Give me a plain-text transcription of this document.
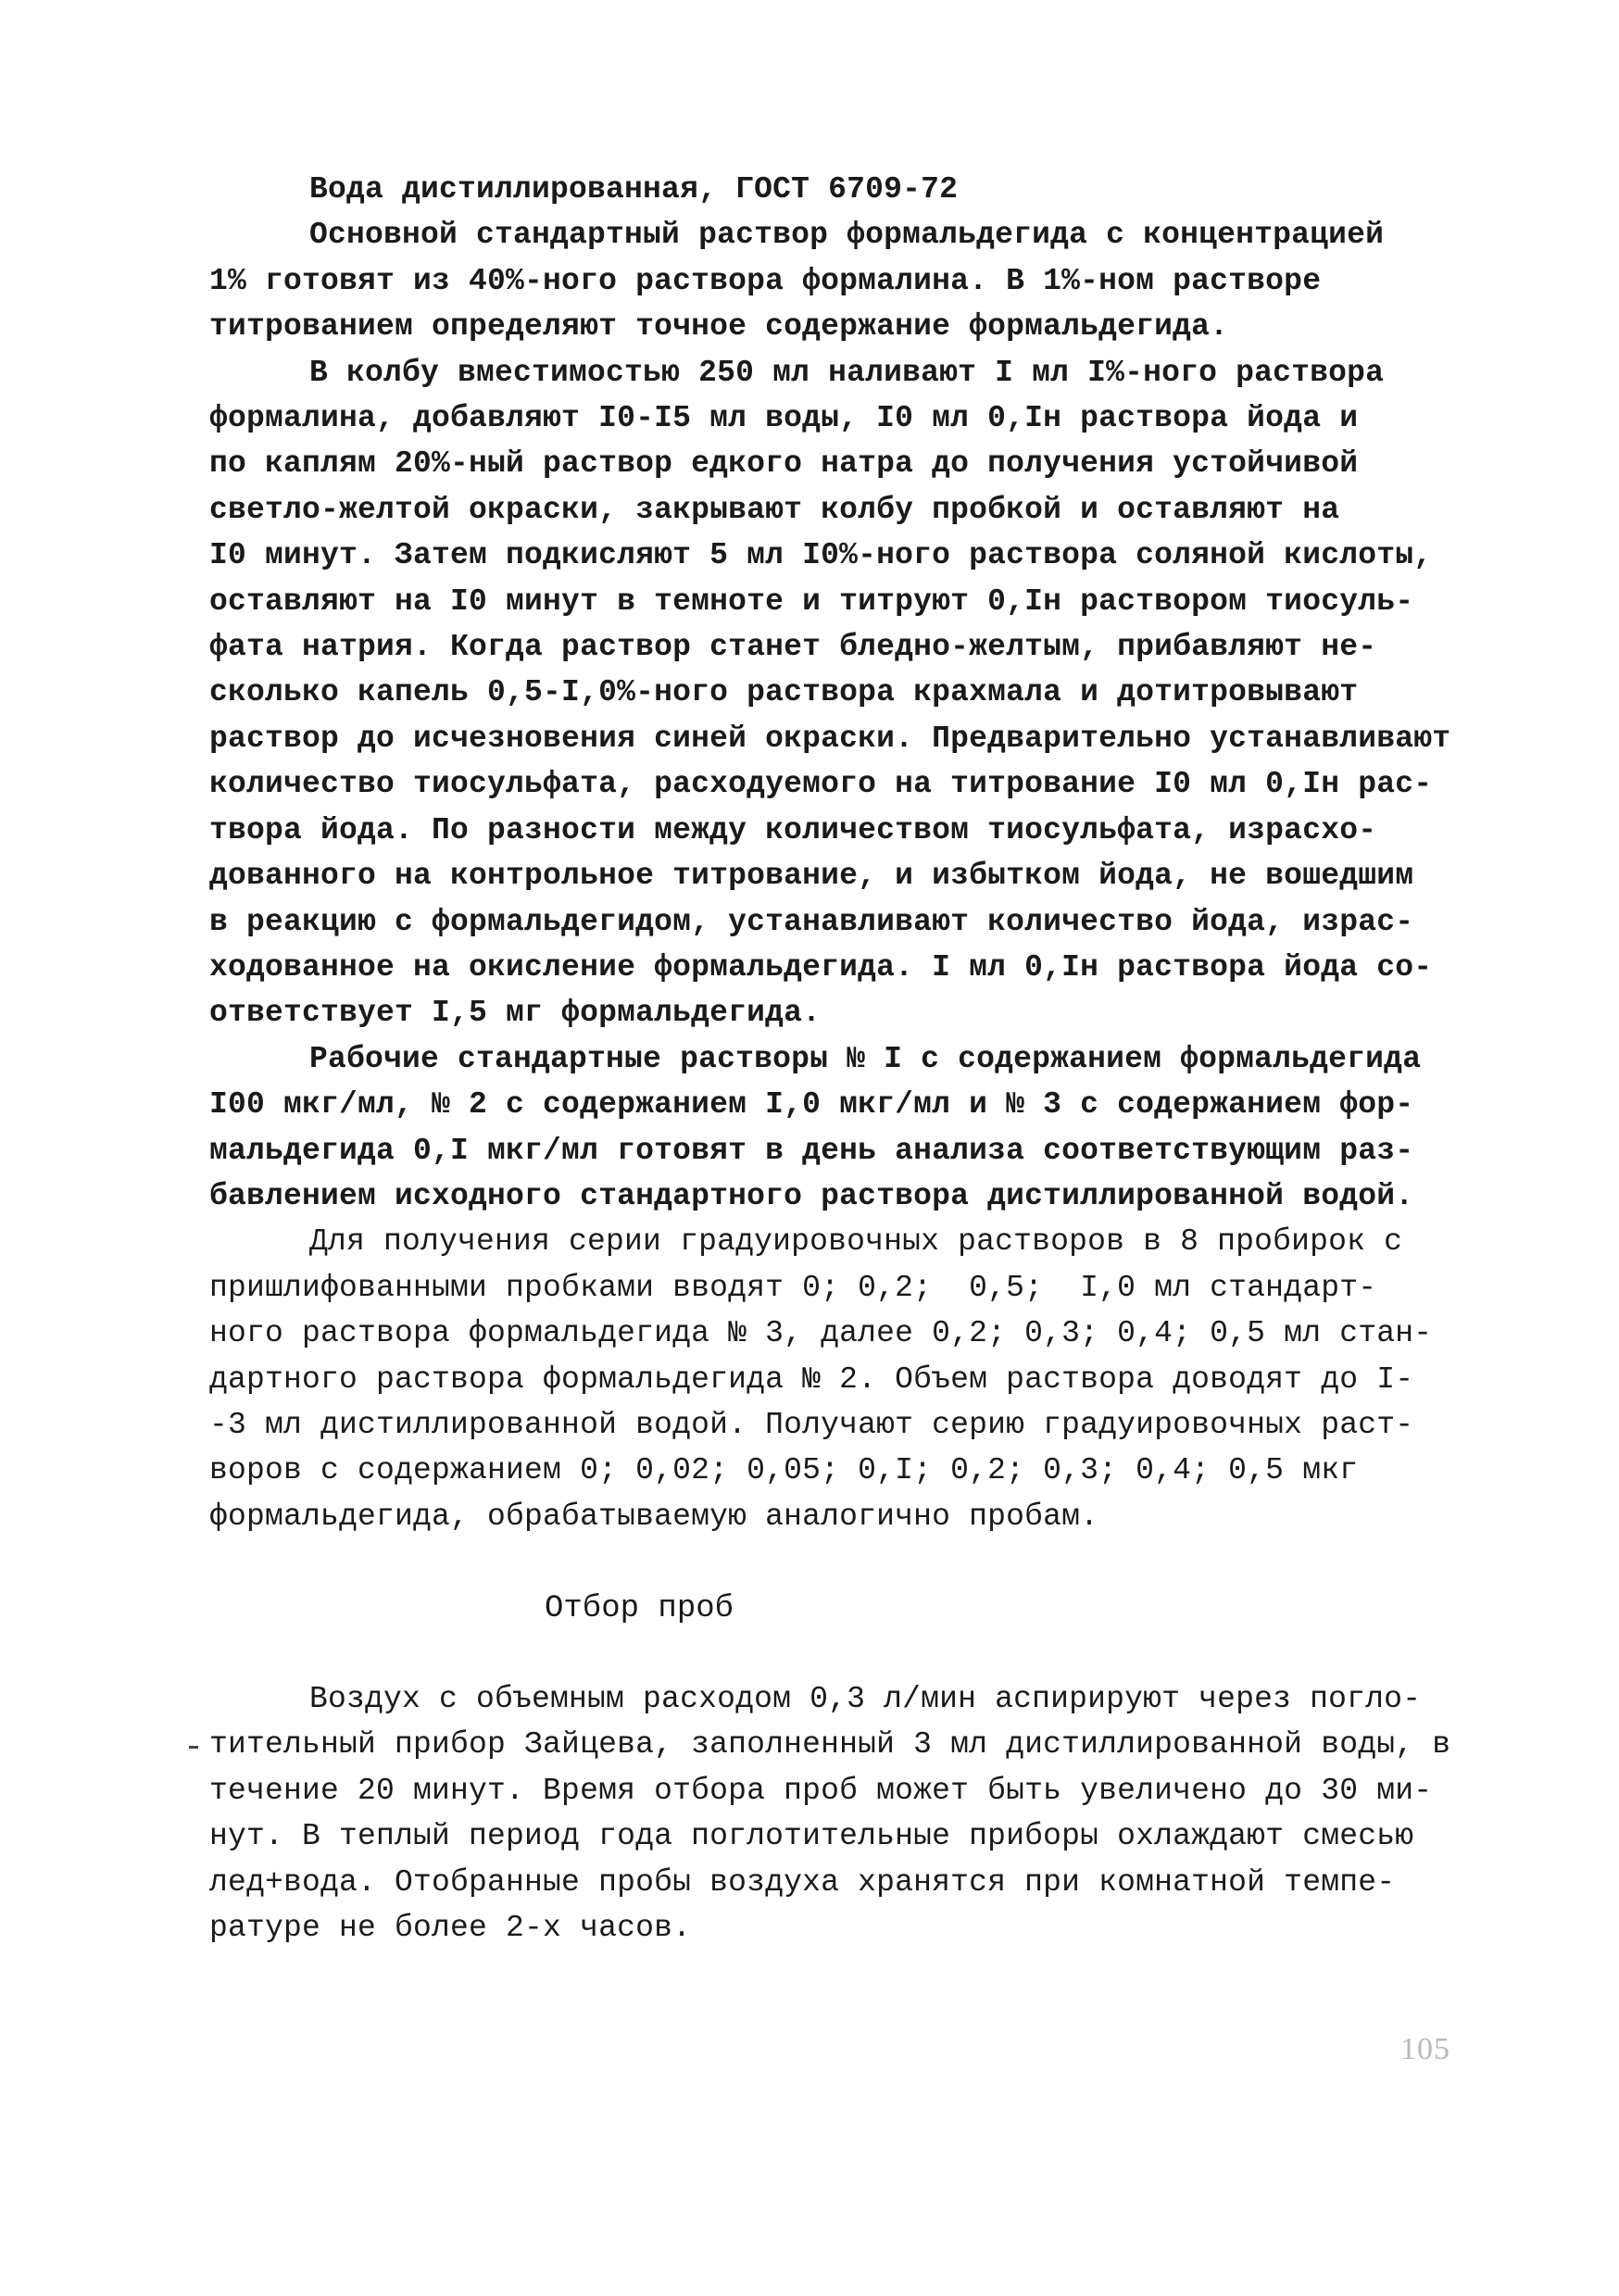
Вода дистиллированная, ГОСТ 6709-72
Основной стандартный раствор формальдегида с концентрацией
1% готовят из 40%-ного раствора формалина. В 1%-ном растворе
титрованием определяют точное содержание формальдегида.
В колбу вместимостью 250 мл наливают I мл I%-ного раствора
формалина, добавляют I0-I5 мл воды, I0 мл 0,Iн раствора йода и
по каплям 20%-ный раствор едкого натра до получения устойчивой
светло-желтой окраски, закрывают колбу пробкой и оставляют на
I0 минут. Затем подкисляют 5 мл I0%-ного раствора соляной кислоты,
оставляют на I0 минут в темноте и титруют 0,Iн раствором тиосуль-
фата натрия. Когда раствор станет бледно-желтым, прибавляют не-
сколько капель 0,5-I,0%-ного раствора крахмала и дотитровывают
раствор до исчезновения синей окраски. Предварительно устанавливают
количество тиосульфата, расходуемого на титрование I0 мл 0,Iн рас-
твора йода. По разности между количеством тиосульфата, израсхо-
дованного на контрольное титрование, и избытком йода, не вошедшим
в реакцию с формальдегидом, устанавливают количество йода, израс-
ходованное на окисление формальдегида. I мл 0,Iн раствора йода со-
ответствует I,5 мг формальдегида.
Рабочие стандартные растворы № I с содержанием формальдегида
I00 мкг/мл, № 2 с содержанием I,0 мкг/мл и № 3 с содержанием фор-
мальдегида 0,I мкг/мл готовят в день анализа соответствующим раз-
бавлением исходного стандартного раствора дистиллированной водой.
Для получения серии градуировочных растворов в 8 пробирок с
пришлифованными пробками вводят 0; 0,2;  0,5;  I,0 мл стандарт-
ного раствора формальдегида № 3, далее 0,2; 0,3; 0,4; 0,5 мл стан-
дартного раствора формальдегида № 2. Объем раствора доводят до I-
-3 мл дистиллированной водой. Получают серию градуировочных раст-
воров с содержанием 0; 0,02; 0,05; 0,I; 0,2; 0,3; 0,4; 0,5 мкг
формальдегида, обрабатываемую аналогично пробам.
Отбор проб
Воздух с объемным расходом 0,3 л/мин аспирируют через погло-
тительный прибор Зайцева, заполненный 3 мл дистиллированной воды, в
течение 20 минут. Время отбора проб может быть увеличено до 30 ми-
нут. В теплый период года поглотительные приборы охлаждают смесью
лед+вода. Отобранные пробы воздуха хранятся при комнатной темпе-
ратуре не более 2-х часов.
105
